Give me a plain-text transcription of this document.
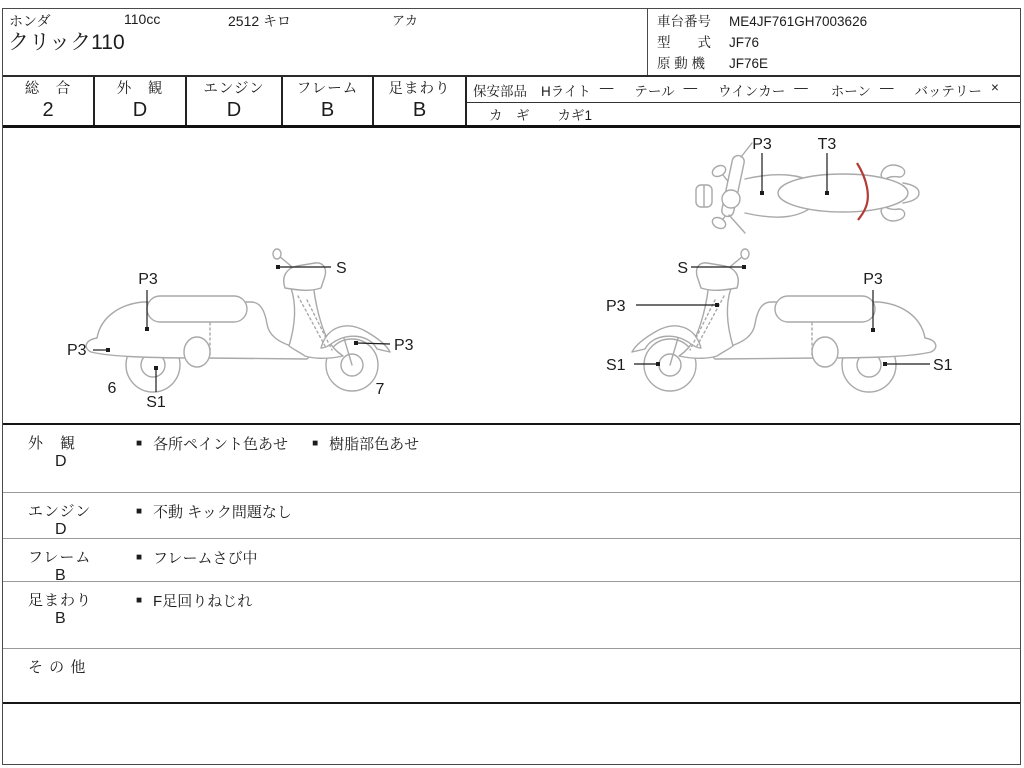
ホンダ	110cc	2512 キロ	アカ
クリック110
車台番号	ME4JF761GH7003626
型　　式	JF76
原 動 機	JF76E
総　合
2
外　観
D
エンジン
D
フレーム
B
足まわり
B
保安部品 Hライト — テール — ウインカー — ホーン — バッテリー ×
カ　ギ カギ1
P3	T3
P3
P3
S
P3
S1
6	7
S
P3
S1
P3
S1
外　観
D
■ 各所ペイント色あせ ■ 樹脂部色あせ
エンジン
D
■ 不動 キック問題なし
フレーム
B
■ フレームさび中
足まわり
B
■ F足回りねじれ
そ の 他
